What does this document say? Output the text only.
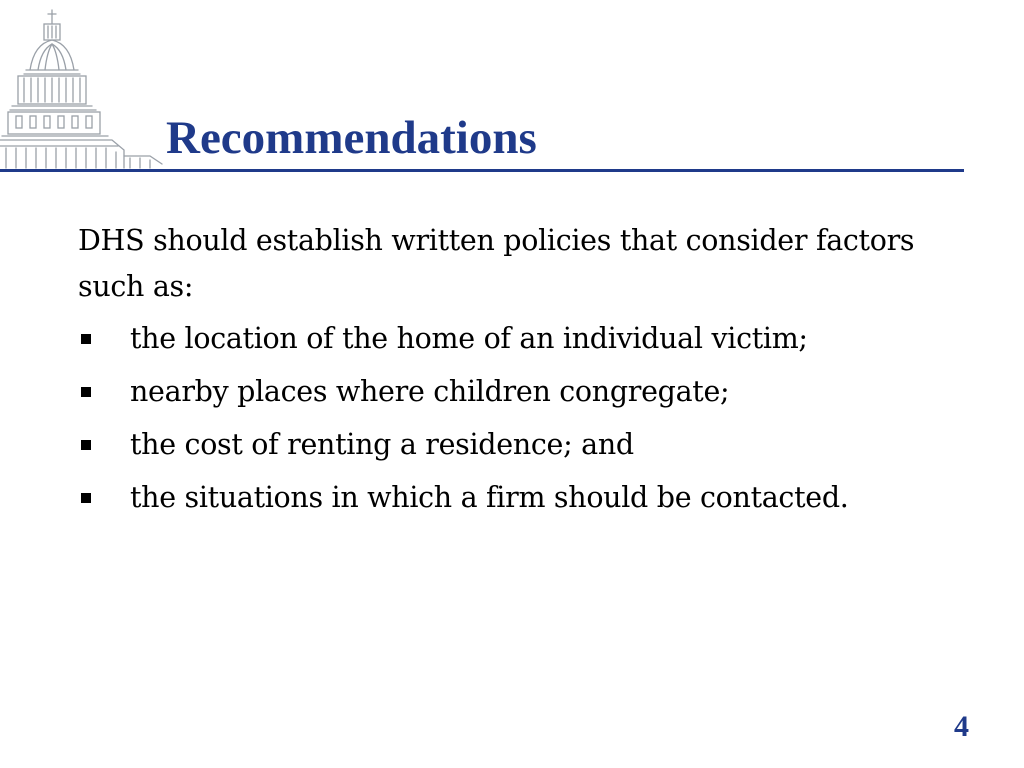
Recommendations

DHS should establish written policies that consider factors such as:

the location of the home of an individual victim;
nearby places where children congregate;
the cost of renting a residence; and
the situations in which a firm should be contacted.
4
